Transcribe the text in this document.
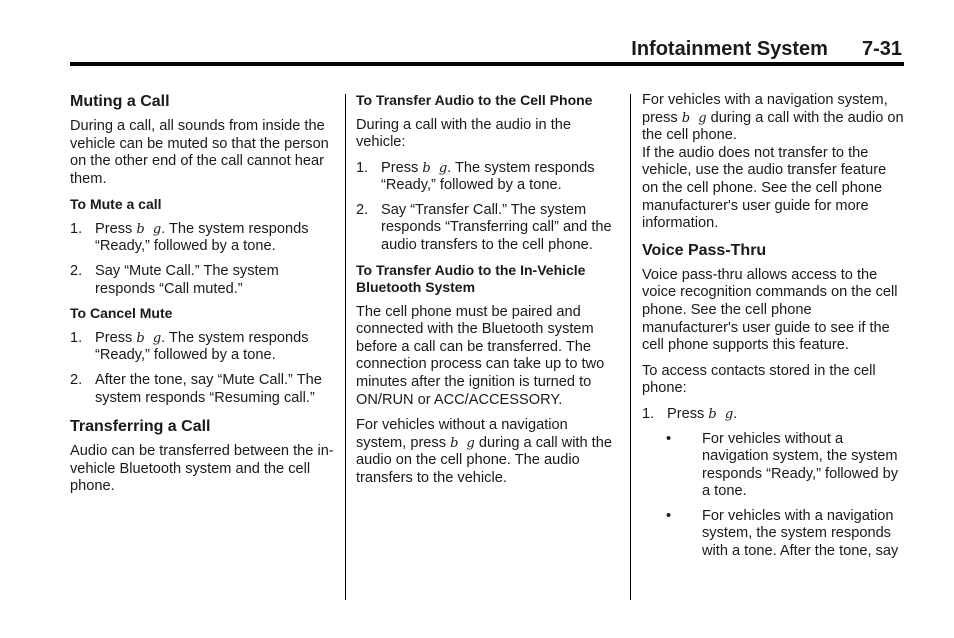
Infotainment System 7-31
Muting a Call

During a call, all sounds from inside the vehicle can be muted so that the person on the other end of the call cannot hear them.

To Mute a call
1. Press b g. The system responds “Ready,” followed by a tone.
2. Say “Mute Call.” The system responds “Call muted.”
To Cancel Mute
1. Press b g. The system responds “Ready,” followed by a tone.
2. After the tone, say “Mute Call.” The system responds “Resuming call.”
Transferring a Call

Audio can be transferred between the in-vehicle Bluetooth system and the cell phone.

To Transfer Audio to the Cell Phone

During a call with the audio in the vehicle:

1. Press b g. The system responds “Ready,” followed by a tone.
2. Say “Transfer Call.” The system responds “Transferring call” and the audio transfers to the cell phone.
To Transfer Audio to the In-Vehicle Bluetooth System

The cell phone must be paired and connected with the Bluetooth system before a call can be transferred. The connection process can take up to two minutes after the ignition is turned to ON/RUN or ACC/ACCESSORY.

For vehicles without a navigation system, press b g during a call with the audio on the cell phone. The audio transfers to the vehicle.

For vehicles with a navigation system, press b g during a call with the audio on the cell phone.

If the audio does not transfer to the vehicle, use the audio transfer feature on the cell phone. See the cell phone manufacturer's user guide for more information.

Voice Pass-Thru

Voice pass-thru allows access to the voice recognition commands on the cell phone. See the cell phone manufacturer's user guide to see if the cell phone supports this feature.

To access contacts stored in the cell phone:

1. Press b g.
•	For vehicles without a navigation system, the system responds “Ready,” followed by a tone.
•	For vehicles with a navigation system, the system responds with a tone. After the tone, say
